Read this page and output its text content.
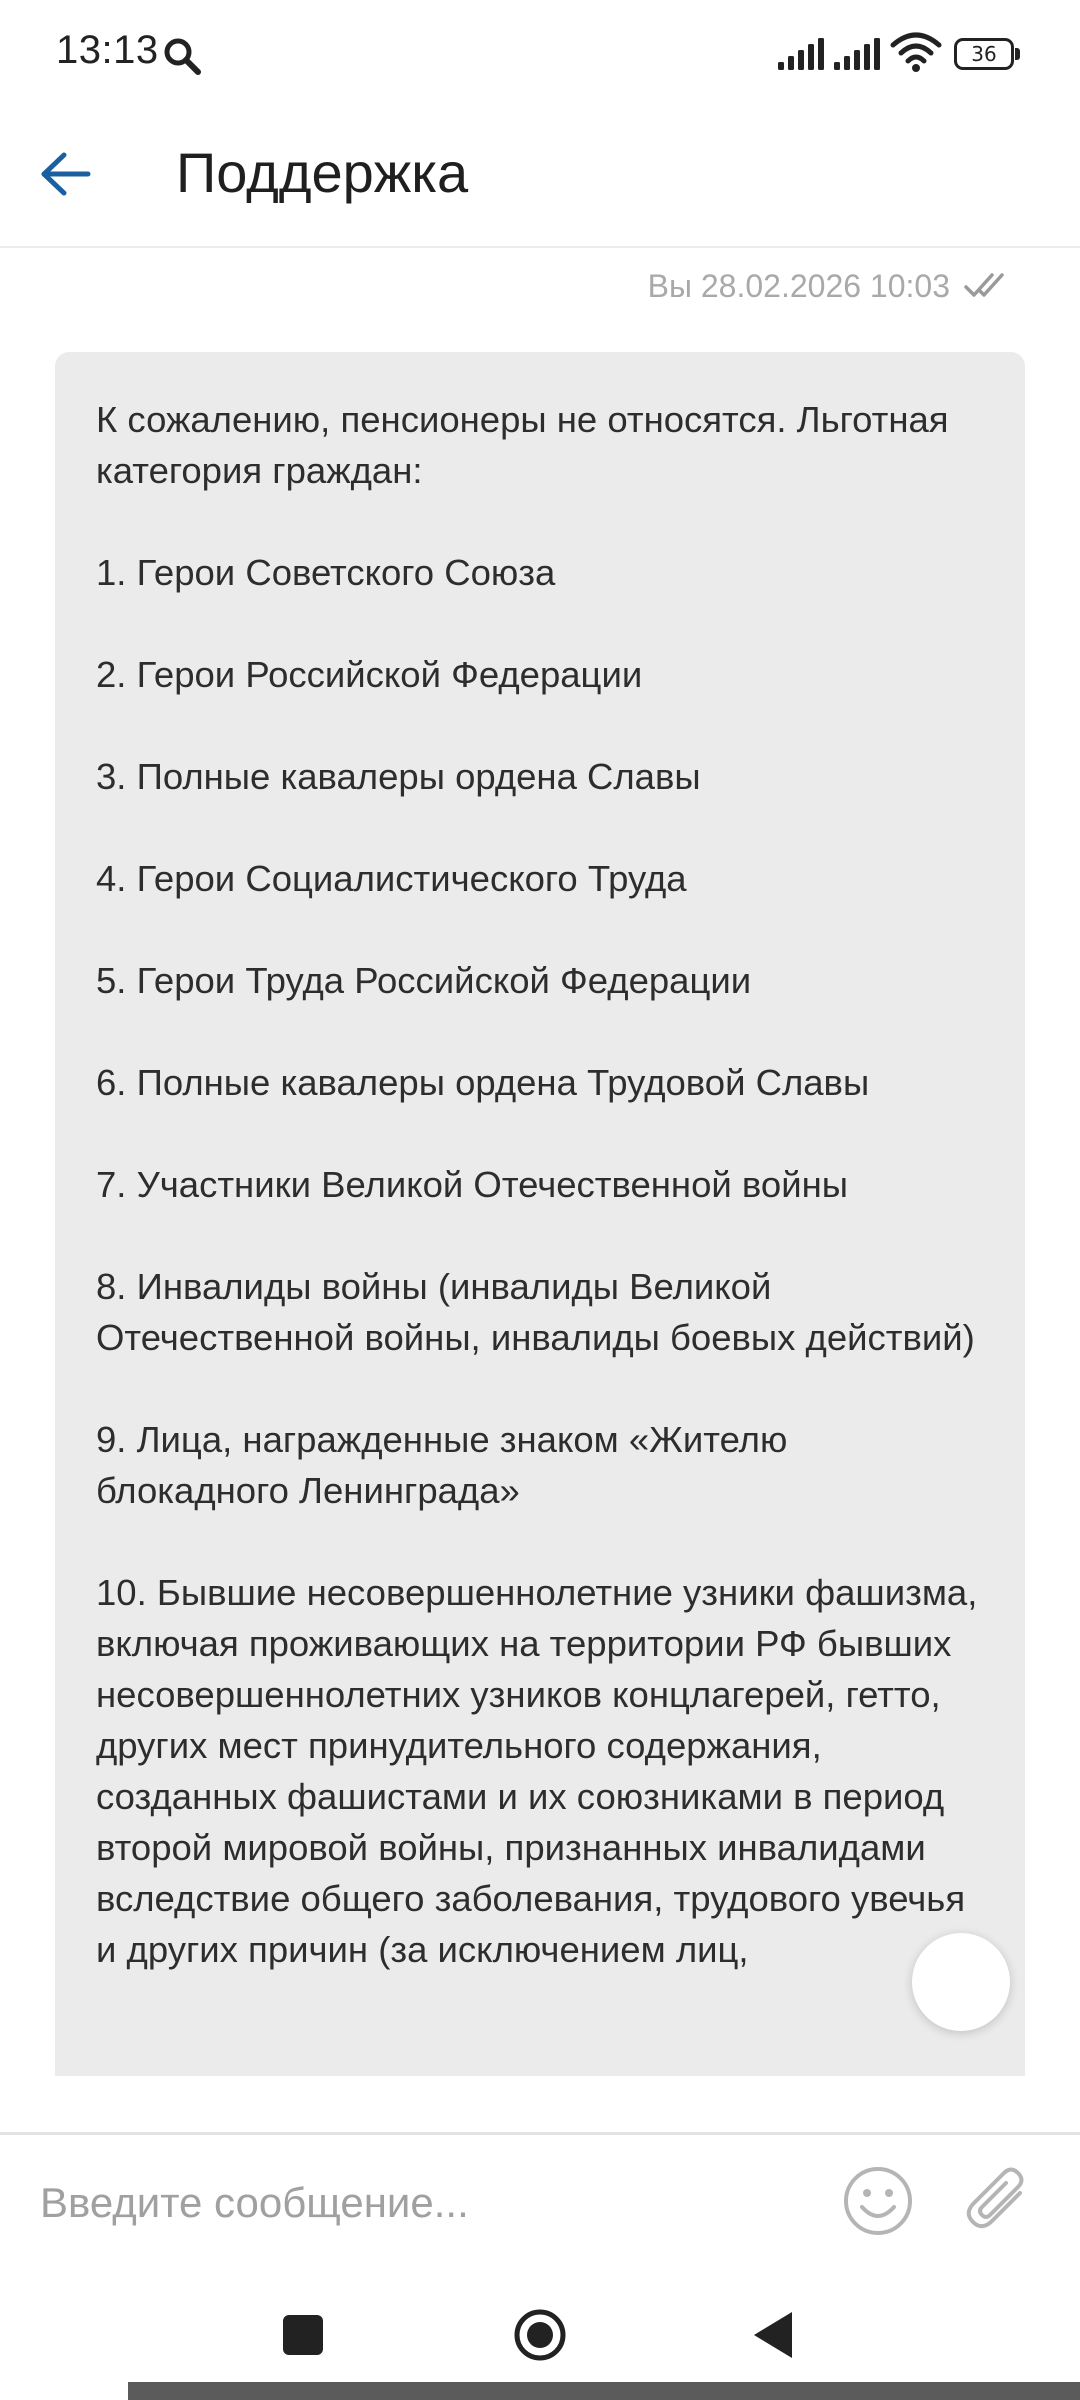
13:13	36
Поддержка
Вы 28.02.2026 10:03

К сожалению, пенсионеры не относятся. Льготная категория граждан:

1. Герои Советского Союза

2. Герои Российской Федерации

3. Полные кавалеры ордена Славы

4. Герои Социалистического Труда

5. Герои Труда Российской Федерации

6. Полные кавалеры ордена Трудовой Славы

7. Участники Великой Отечественной войны

8. Инвалиды войны (инвалиды Великой Отечественной войны, инвалиды боевых действий)

9. Лица, награжденные знаком «Жителю блокадного Ленинграда»

10. Бывшие несовершеннолетние узники фашизма, включая проживающих на территории РФ бывших несовершеннолетних узников концлагерей, гетто, других мест принудительного содержания, созданных фашистами и их союзниками в период второй мировой войны, признанных инвалидами вследствие общего заболевания, трудового увечья и других причин (за исключением лиц,

Введите сообщение...
